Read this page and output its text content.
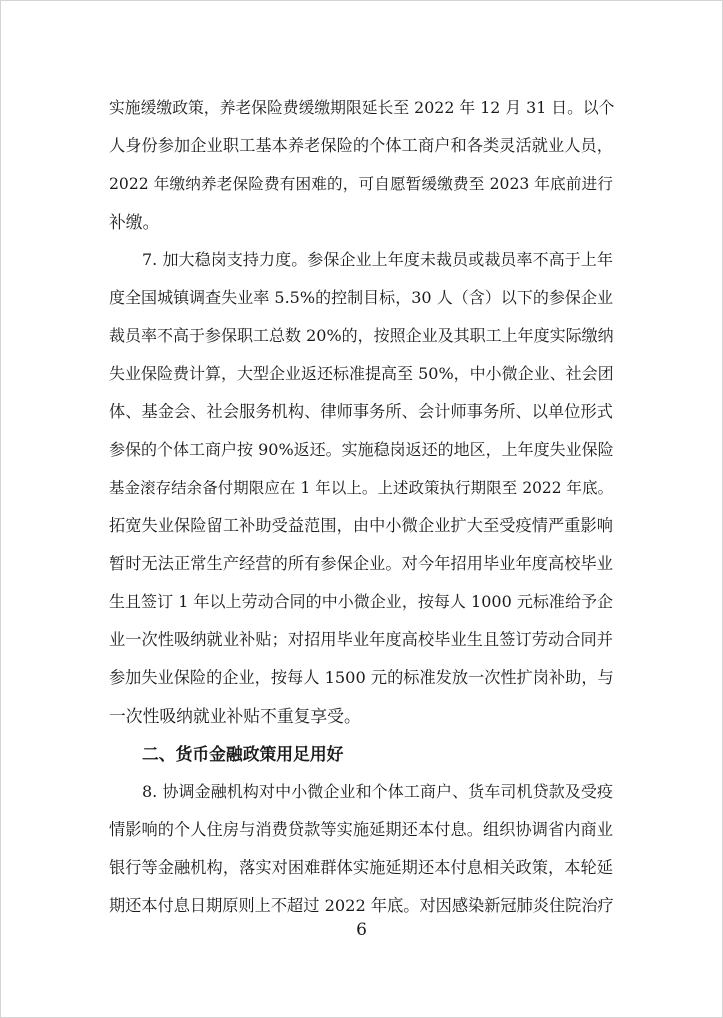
实施缓缴政策，养老保险费缓缴期限延长至 2022 年 12 月 31 日。以个
人身份参加企业职工基本养老保险的个体工商户和各类灵活就业人员，
2022 年缴纳养老保险费有困难的，可自愿暂缓缴费至 2023 年底前进行
补缴。
7. 加大稳岗支持力度。参保企业上年度未裁员或裁员率不高于上年
度全国城镇调查失业率 5.5%的控制目标，30 人（含）以下的参保企业
裁员率不高于参保职工总数 20%的，按照企业及其职工上年度实际缴纳
失业保险费计算，大型企业返还标准提高至 50%，中小微企业、社会团
体、基金会、社会服务机构、律师事务所、会计师事务所、以单位形式
参保的个体工商户按 90%返还。实施稳岗返还的地区，上年度失业保险
基金滚存结余备付期限应在 1 年以上。上述政策执行期限至 2022 年底。
拓宽失业保险留工补助受益范围，由中小微企业扩大至受疫情严重影响
暂时无法正常生产经营的所有参保企业。对今年招用毕业年度高校毕业
生且签订 1 年以上劳动合同的中小微企业，按每人 1000 元标准给予企
业一次性吸纳就业补贴；对招用毕业年度高校毕业生且签订劳动合同并
参加失业保险的企业，按每人 1500 元的标准发放一次性扩岗补助，与
一次性吸纳就业补贴不重复享受。
二、货币金融政策用足用好
8. 协调金融机构对中小微企业和个体工商户、货车司机贷款及受疫
情影响的个人住房与消费贷款等实施延期还本付息。组织协调省内商业
银行等金融机构，落实对困难群体实施延期还本付息相关政策，本轮延
期还本付息日期原则上不超过 2022 年底。对因感染新冠肺炎住院治疗
6
